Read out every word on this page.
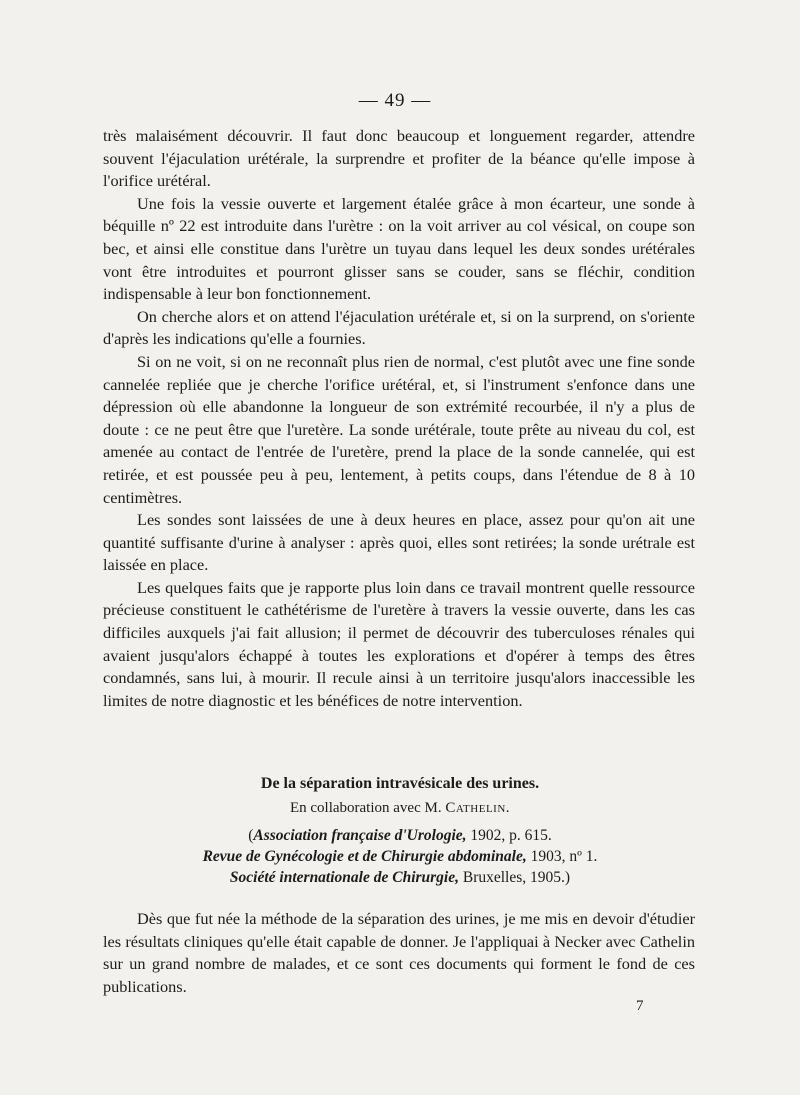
— 49 —

très malaisément découvrir. Il faut donc beaucoup et longuement regarder, attendre souvent l'éjaculation urétérale, la surprendre et profiter de la béance qu'elle impose à l'orifice urétéral.

Une fois la vessie ouverte et largement étalée grâce à mon écarteur, une sonde à béquille nº 22 est introduite dans l'urètre : on la voit arriver au col vésical, on coupe son bec, et ainsi elle constitue dans l'urètre un tuyau dans lequel les deux sondes urétérales vont être introduites et pourront glisser sans se couder, sans se fléchir, condition indispensable à leur bon fonctionnement.

On cherche alors et on attend l'éjaculation urétérale et, si on la surprend, on s'oriente d'après les indications qu'elle a fournies.

Si on ne voit, si on ne reconnaît plus rien de normal, c'est plutôt avec une fine sonde cannelée repliée que je cherche l'orifice urétéral, et, si l'instrument s'enfonce dans une dépression où elle abandonne la longueur de son extrémité recourbée, il n'y a plus de doute : ce ne peut être que l'uretère. La sonde urétérale, toute prête au niveau du col, est amenée au contact de l'entrée de l'uretère, prend la place de la sonde cannelée, qui est retirée, et est poussée peu à peu, lentement, à petits coups, dans l'étendue de 8 à 10 centimètres.

Les sondes sont laissées de une à deux heures en place, assez pour qu'on ait une quantité suffisante d'urine à analyser : après quoi, elles sont retirées; la sonde urétrale est laissée en place.

Les quelques faits que je rapporte plus loin dans ce travail montrent quelle ressource précieuse constituent le cathétérisme de l'uretère à travers la vessie ouverte, dans les cas difficiles auxquels j'ai fait allusion; il permet de découvrir des tuberculoses rénales qui avaient jusqu'alors échappé à toutes les explorations et d'opérer à temps des êtres condamnés, sans lui, à mourir. Il recule ainsi à un territoire jusqu'alors inaccessible les limites de notre diagnostic et les bénéfices de notre intervention.

De la séparation intravésicale des urines.
En collaboration avec M. Cathelin.
(Association française d'Urologie, 1902, p. 615.
Revue de Gynécologie et de Chirurgie abdominale, 1903, nº 1.
Société internationale de Chirurgie, Bruxelles, 1905.)

Dès que fut née la méthode de la séparation des urines, je me mis en devoir d'étudier les résultats cliniques qu'elle était capable de donner. Je l'appliquai à Necker avec Cathelin sur un grand nombre de malades, et ce sont ces documents qui forment le fond de ces publications.

7
